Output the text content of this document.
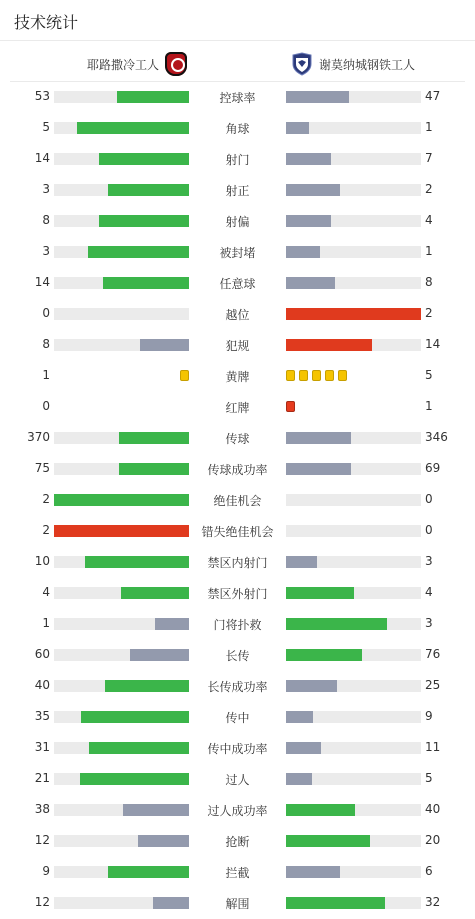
技术统计
耶路撒冷工人	谢莫纳城钢铁工人
53	控球率	47
5	角球	1
14	射门	7
3	射正	2
8	射偏	4
3	被封堵	1
14	任意球	8
0	越位	2
8	犯规	14
1	黄牌	5
0	红牌	1
370	传球	346
75	传球成功率	69
2	绝佳机会	0
2	错失绝佳机会	0
10	禁区内射门	3
4	禁区外射门	4
1	门将扑救	3
60	长传	76
40	长传成功率	25
35	传中	9
31	传中成功率	11
21	过人	5
38	过人成功率	40
12	抢断	20
9	拦截	6
12	解围	32
